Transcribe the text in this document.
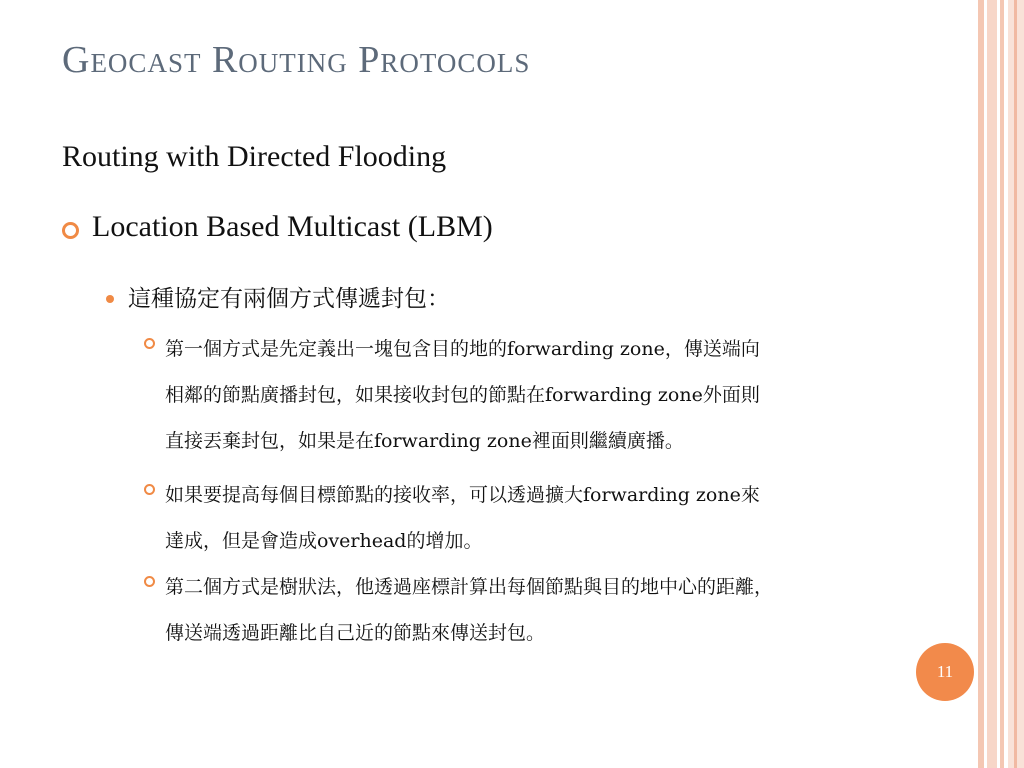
Geocast Routing Protocols
Routing with Directed Flooding
Location Based Multicast (LBM)
這種協定有兩個方式傳遞封包：
第一個方式是先定義出一塊包含目的地的forwarding zone，傳送端向
相鄰的節點廣播封包，如果接收封包的節點在forwarding zone外面則
直接丟棄封包，如果是在forwarding zone裡面則繼續廣播。
如果要提高每個目標節點的接收率，可以透過擴大forwarding zone來
達成，但是會造成overhead的增加。
第二個方式是樹狀法，他透過座標計算出每個節點與目的地中心的距離，
傳送端透過距離比自己近的節點來傳送封包。
11
